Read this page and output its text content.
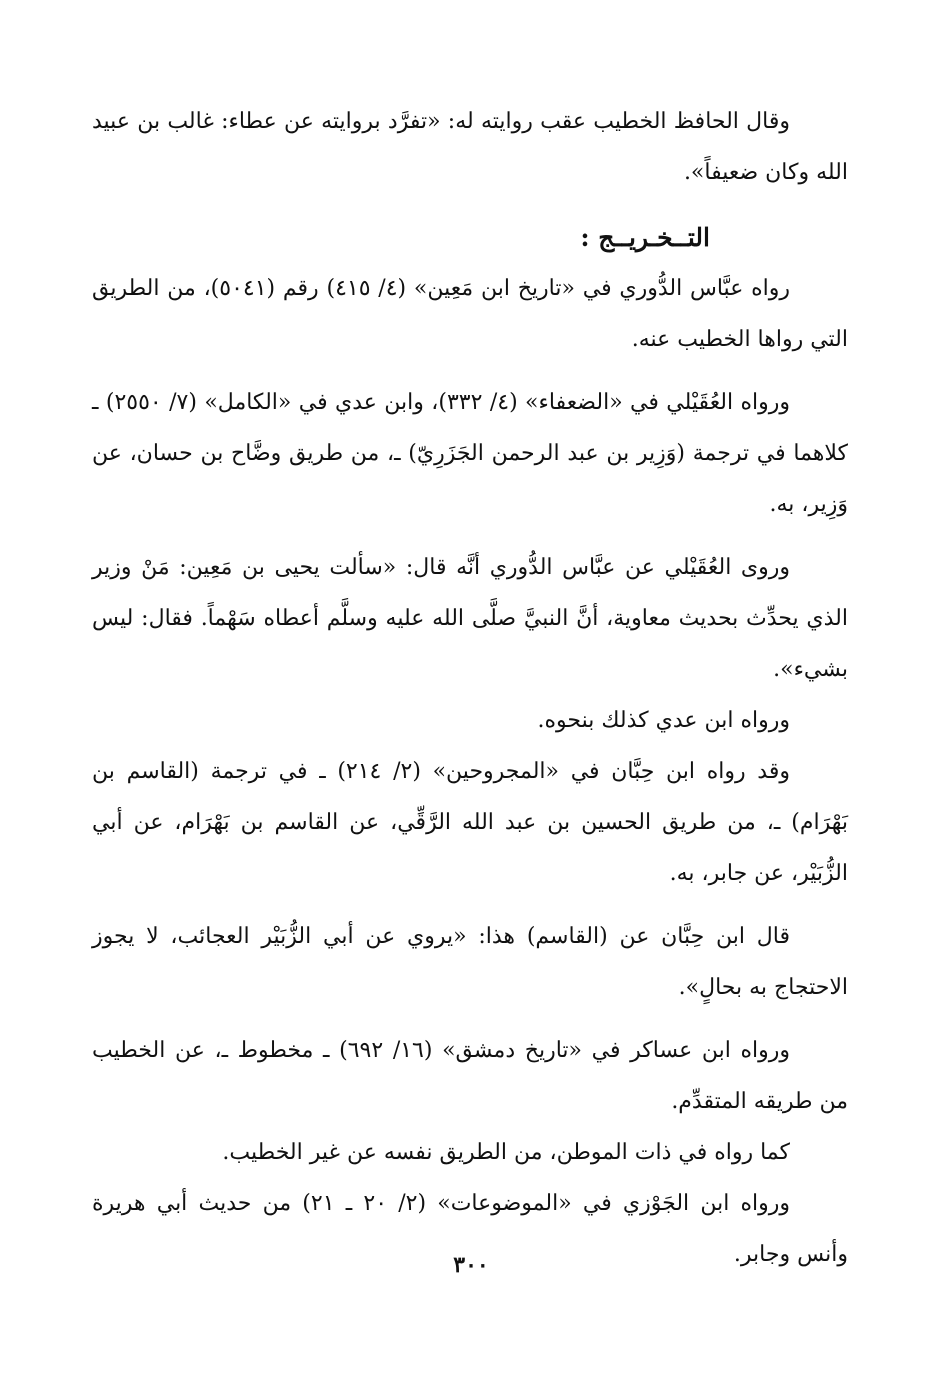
وقال الحافظ الخطيب عقب روايته له: «تفرَّد بروايته عن عطاء: غالب بن عبيد الله وكان ضعيفاً».

التــخـريــج :

رواه عبَّاس الدُّوري في «تاريخ ابن مَعِين» (٤/ ٤١٥) رقم (٥٠٤١)، من الطريق التي رواها الخطيب عنه.

ورواه العُقَيْلي في «الضعفاء» (٤/ ٣٣٢)، وابن عدي في «الكامل» (٧/ ٢٥٥٠) ـ كلاهما في ترجمة (وَزِير بن عبد الرحمن الجَزَرِيّ) ـ، من طريق وضَّاح بن حسان، عن وَزِير، به.

وروى العُقَيْلي عن عبَّاس الدُّوري أنَّه قال: «سألت يحيى بن مَعِين: مَنْ وزير الذي يحدِّث بحديث معاوية، أنَّ النبيَّ صلَّى الله عليه وسلَّم أعطاه سَهْماً. فقال: ليس بشيء».

ورواه ابن عدي كذلك بنحوه.

وقد رواه ابن حِبَّان في «المجروحين» (٢/ ٢١٤) ـ في ترجمة (القاسم بن بَهْرَام) ـ، من طريق الحسين بن عبد الله الرَّقِّي، عن القاسم بن بَهْرَام، عن أبي الزُّبَيْر، عن جابر، به.

قال ابن حِبَّان عن (القاسم) هذا: «يروي عن أبي الزُّبَيْر العجائب، لا يجوز الاحتجاج به بحالٍ».

ورواه ابن عساكر في «تاريخ دمشق» (١٦/ ٦٩٢) ـ مخطوط ـ، عن الخطيب من طريقه المتقدِّم.

كما رواه في ذات الموطن، من الطريق نفسه عن غير الخطيب.

ورواه ابن الجَوْزي في «الموضوعات» (٢/ ٢٠ ـ ٢١) من حديث أبي هريرة وأنس وجابر.

٣٠٠
